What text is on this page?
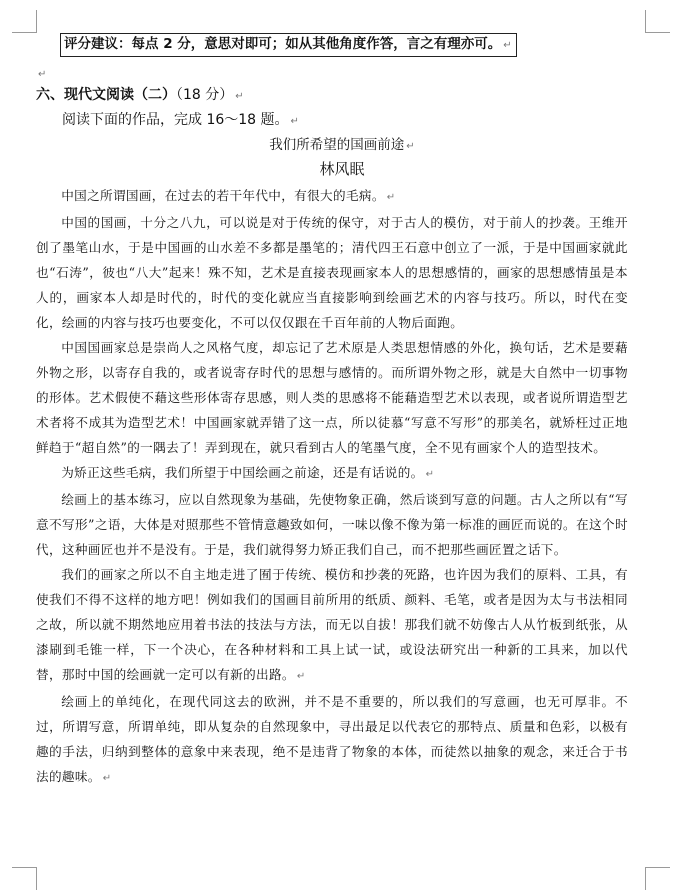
评分建议：每点 2 分，意思对即可；如从其他角度作答，言之有理亦可。 ↵
↵
六、现代文阅读（二）（18 分） ↵
阅读下面的作品，完成 16～18 题。 ↵
我们所希望的国画前途 ↵
林风眠

中国之所谓国画，在过去的若干年代中，有很大的毛病。 ↵

中国的国画，十分之八九，可以说是对于传统的保守，对于古人的模仿，对于前人的抄袭。王维开创了墨笔山水，于是中国画的山水差不多都是墨笔的；清代四王石意中创立了一派，于是中国画家就此也“石涛”，彼也“八大”起来！殊不知，艺术是直接表现画家本人的思想感情的，画家的思想感情虽是本人的，画家本人却是时代的，时代的变化就应当直接影响到绘画艺术的内容与技巧。所以，时代在变化，绘画的内容与技巧也要变化，不可以仅仅跟在千百年前的人物后面跑。

中国国画家总是崇尚人之风格气度，却忘记了艺术原是人类思想情感的外化，换句话，艺术是要藉外物之形，以寄存自我的，或者说寄存时代的思想与感情的。而所谓外物之形，就是大自然中一切事物的形体。艺术假使不藉这些形体寄存思感，则人类的思感将不能藉造型艺术以表现，或者说所谓造型艺术者将不成其为造型艺术！中国画家就弄错了这一点，所以徒慕“写意不写形”的那美名，就矫枉过正地鲜趋于“超自然”的一隅去了！弄到现在，就只看到古人的笔墨气度，全不见有画家个人的造型技术。

为矫正这些毛病，我们所望于中国绘画之前途，还是有话说的。 ↵

绘画上的基本练习，应以自然现象为基础，先使物象正确，然后谈到写意的问题。古人之所以有“写意不写形”之语，大体是对照那些不管情意趣致如何，一味以像不像为第一标准的画匠而说的。在这个时代，这种画匠也并不是没有。于是，我们就得努力矫正我们自己，而不把那些画匠置之话下。

我们的画家之所以不自主地走进了囿于传统、模仿和抄袭的死路，也许因为我们的原料、工具，有使我们不得不这样的地方吧！例如我们的国画目前所用的纸质、颜料、毛笔，或者是因为太与书法相同之故，所以就不期然地应用着书法的技法与方法，而无以自拔！那我们就不妨像古人从竹板到纸张，从漆刷到毛锥一样，下一个决心，在各种材料和工具上试一试，或设法研究出一种新的工具来，加以代替，那时中国的绘画就一定可以有新的出路。 ↵

绘画上的单纯化，在现代同这去的欧洲，并不是不重要的，所以我们的写意画，也无可厚非。不过，所谓写意，所谓单纯，即从复杂的自然现象中，寻出最足以代表它的那特点、质量和色彩，以极有趣的手法，归纳到整体的意象中来表现，绝不是违背了物象的本体，而徒然以抽象的观念，来迁合于书法的趣味。 ↵
